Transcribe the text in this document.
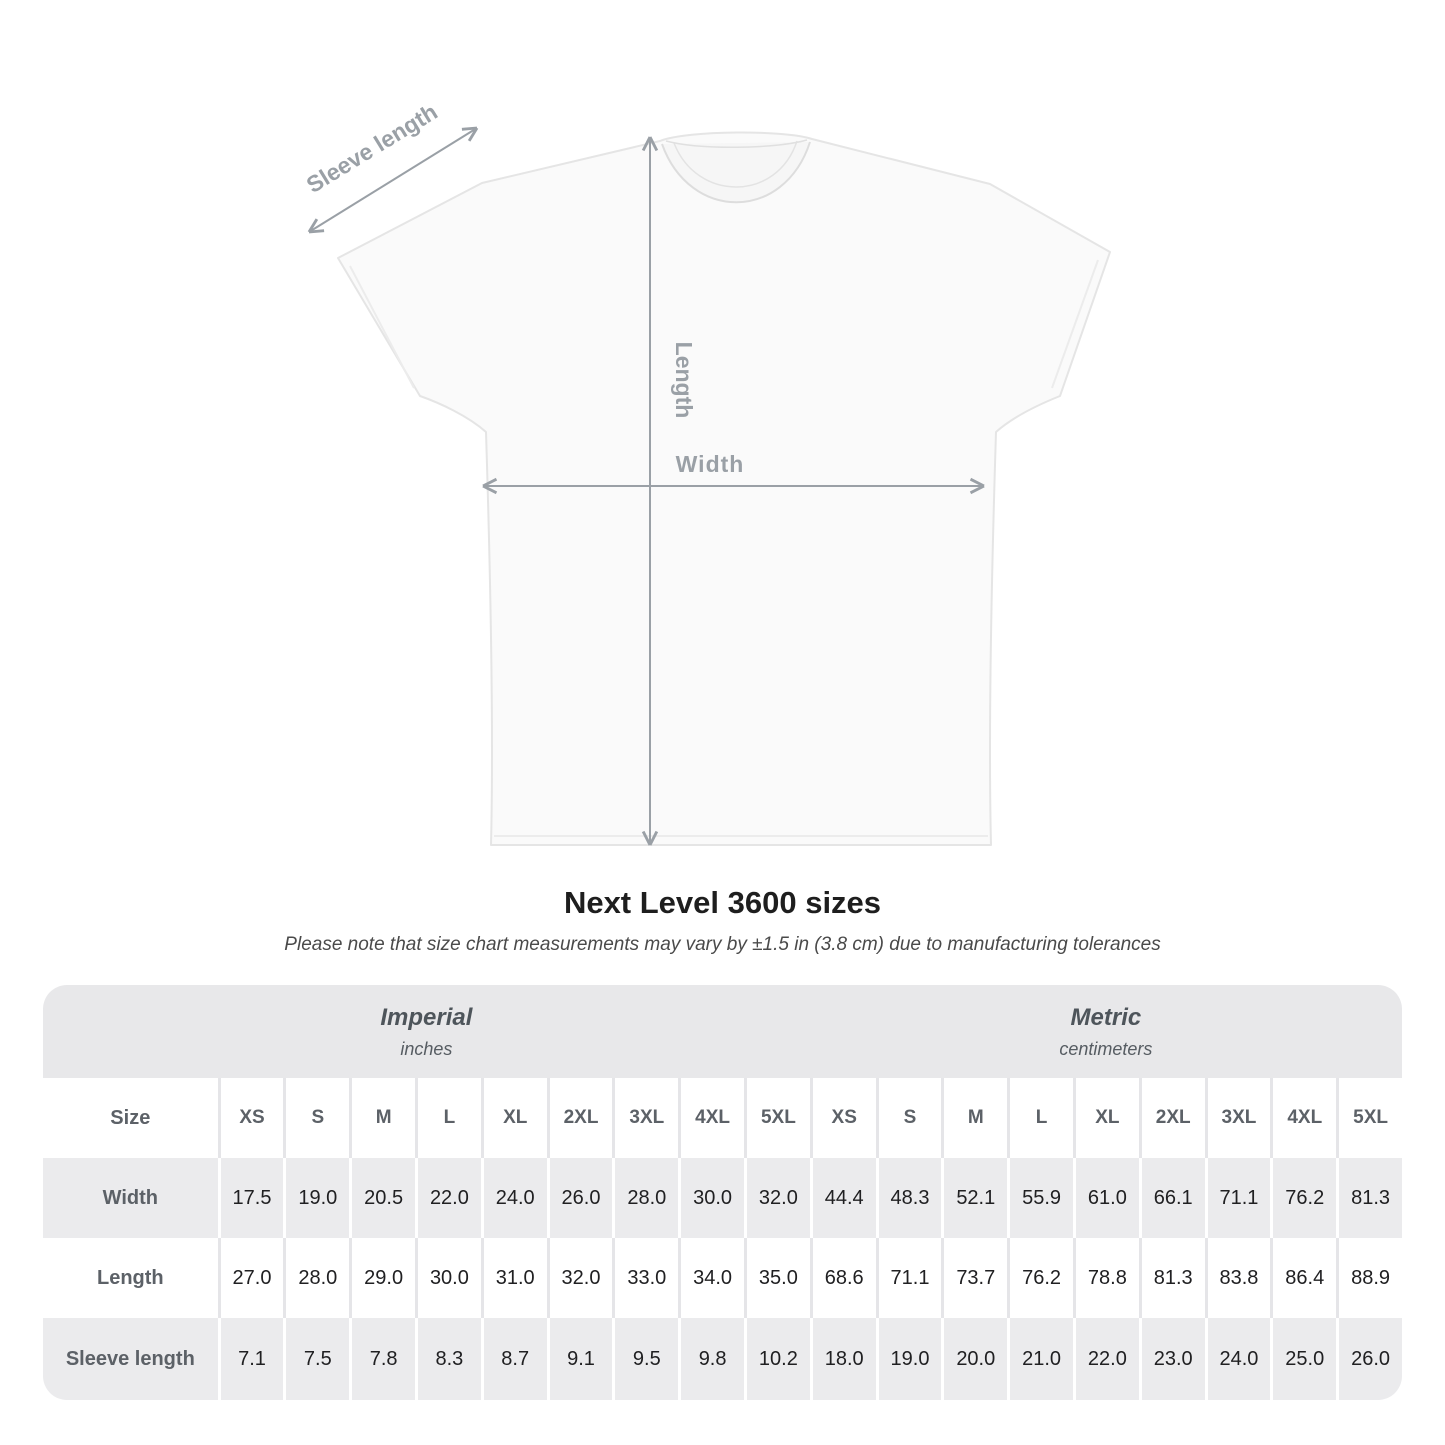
Sleeve length
Length
Width
Next Level 3600 sizes
Please note that size chart measurements may vary by ±1.5 in (3.8 cm) due to manufacturing tolerances
Imperial
inches

Metric
centimeters

Size	XS	S	M	L	XL	2XL	3XL	4XL	5XL	XS	S	M	L	XL	2XL	3XL	4XL	5XL
Width	17.5	19.0	20.5	22.0	24.0	26.0	28.0	30.0	32.0	44.4	48.3	52.1	55.9	61.0	66.1	71.1	76.2	81.3
Length	27.0	28.0	29.0	30.0	31.0	32.0	33.0	34.0	35.0	68.6	71.1	73.7	76.2	78.8	81.3	83.8	86.4	88.9
Sleeve length	7.1	7.5	7.8	8.3	8.7	9.1	9.5	9.8	10.2	18.0	19.0	20.0	21.0	22.0	23.0	24.0	25.0	26.0
